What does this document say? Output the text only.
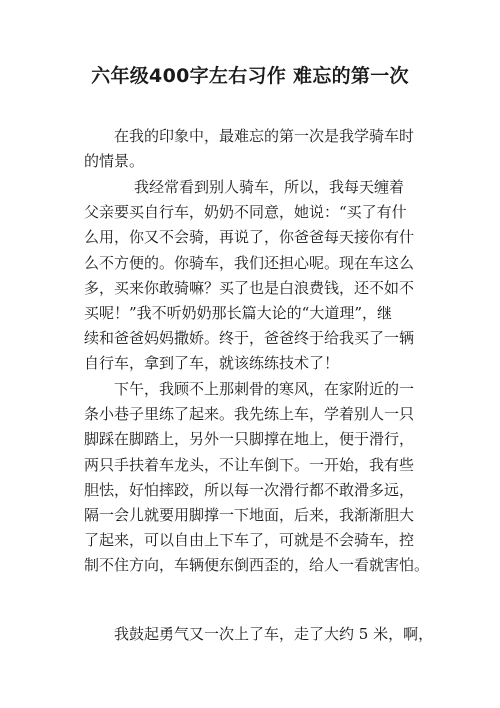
六年级400字左右习作 难忘的第一次
在我的印象中，最难忘的第一次是我学骑车时
的情景。
我经常看到别人骑车，所以，我每天缠着
父亲要买自行车，奶奶不同意，她说：“买了有什
么用，你又不会骑，再说了，你爸爸每天接你有什
么不方便的。你骑车，我们还担心呢。现在车这么
多，买来你敢骑嘛？买了也是白浪费钱，还不如不
买呢！”我不听奶奶那长篇大论的“大道理”，继
续和爸爸妈妈撒娇。终于，爸爸终于给我买了一辆
自行车，拿到了车，就该练练技术了！
下午，我顾不上那刺骨的寒风，在家附近的一
条小巷子里练了起来。我先练上车，学着别人一只
脚踩在脚踏上，另外一只脚撑在地上，便于滑行，
两只手扶着车龙头，不让车倒下。一开始，我有些
胆怯，好怕摔跤，所以每一次滑行都不敢滑多远，
隔一会儿就要用脚撑一下地面，后来，我渐渐胆大
了起来，可以自由上下车了，可就是不会骑车，控
制不住方向，车辆便东倒西歪的，给人一看就害怕。
我鼓起勇气又一次上了车，走了大约 5 米，啊，
